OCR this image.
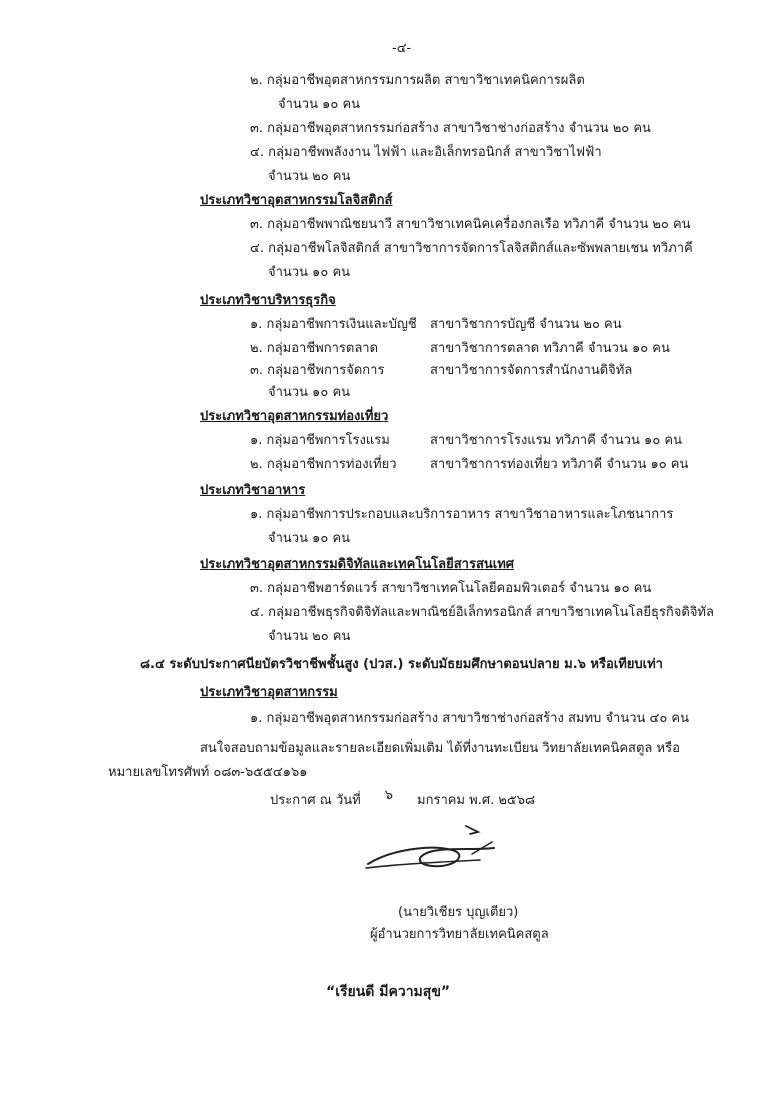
-๔-
๒. กลุ่มอาชีพอุตสาหกรรมการผลิต สาขาวิชาเทคนิคการผลิต
จำนวน ๑๐ คน
๓. กลุ่มอาชีพอุตสาหกรรมก่อสร้าง สาขาวิชาช่างก่อสร้าง จำนวน ๒๐ คน
๔. กลุ่มอาชีพพลังงาน ไฟฟ้า และอิเล็กทรอนิกส์ สาขาวิชาไฟฟ้า
จำนวน ๒๐ คน
ประเภทวิชาอุตสาหกรรมโลจิสติกส์
๓. กลุ่มอาชีพพาณิชยนาวี สาขาวิชาเทคนิคเครื่องกลเรือ ทวิภาคี จำนวน ๒๐ คน
๔. กลุ่มอาชีพโลจิสติกส์ สาขาวิชาการจัดการโลจิสติกส์และซัพพลายเชน ทวิภาคี
จำนวน ๑๐ คน
ประเภทวิชาบริหารธุรกิจ
๑. กลุ่มอาชีพการเงินและบัญชี สาขาวิชาการบัญชี จำนวน ๒๐ คน
๒. กลุ่มอาชีพการตลาด	สาขาวิชาการตลาด ทวิภาคี จำนวน ๑๐ คน
๓. กลุ่มอาชีพการจัดการ	สาขาวิชาการจัดการสำนักงานดิจิทัล
จำนวน ๑๐ คน
ประเภทวิชาอุตสาหกรรมท่องเที่ยว
๑. กลุ่มอาชีพการโรงแรม	สาขาวิชาการโรงแรม ทวิภาคี จำนวน ๑๐ คน
๒. กลุ่มอาชีพการท่องเที่ยว	สาขาวิชาการท่องเที่ยว ทวิภาคี จำนวน ๑๐ คน
ประเภทวิชาอาหาร
๑. กลุ่มอาชีพการประกอบและบริการอาหาร สาขาวิชาอาหารและโภชนาการ
จำนวน ๑๐ คน
ประเภทวิชาอุตสาหกรรมดิจิทัลและเทคโนโลยีสารสนเทศ
๓. กลุ่มอาชีพฮาร์ดแวร์ สาขาวิชาเทคโนโลยีคอมพิวเตอร์ จำนวน ๑๐ คน
๔. กลุ่มอาชีพธุรกิจดิจิทัลและพาณิชย์อิเล็กทรอนิกส์ สาขาวิชาเทคโนโลยีธุรกิจดิจิทัล
จำนวน ๒๐ คน
๘.๔ ระดับประกาศนียบัตรวิชาชีพชั้นสูง (ปวส.) ระดับมัธยมศึกษาตอนปลาย ม.๖ หรือเทียบเท่า
ประเภทวิชาอุตสาหกรรม
๑. กลุ่มอาชีพอุตสาหกรรมก่อสร้าง สาขาวิชาช่างก่อสร้าง สมทบ จำนวน ๔๐ คน
สนใจสอบถามข้อมูลและรายละเอียดเพิ่มเติม ได้ที่งานทะเบียน วิทยาลัยเทคนิคสตูล หรือ
หมายเลขโทรศัพท์ ๐๘๓-๖๕๕๔๑๖๑
ประกาศ ณ วันที่ ๖ มกราคม พ.ศ. ๒๕๖๘
(นายวิเชียร บุญเตียว)
ผู้อำนวยการวิทยาลัยเทคนิคสตูล
“เรียนดี มีความสุข”
